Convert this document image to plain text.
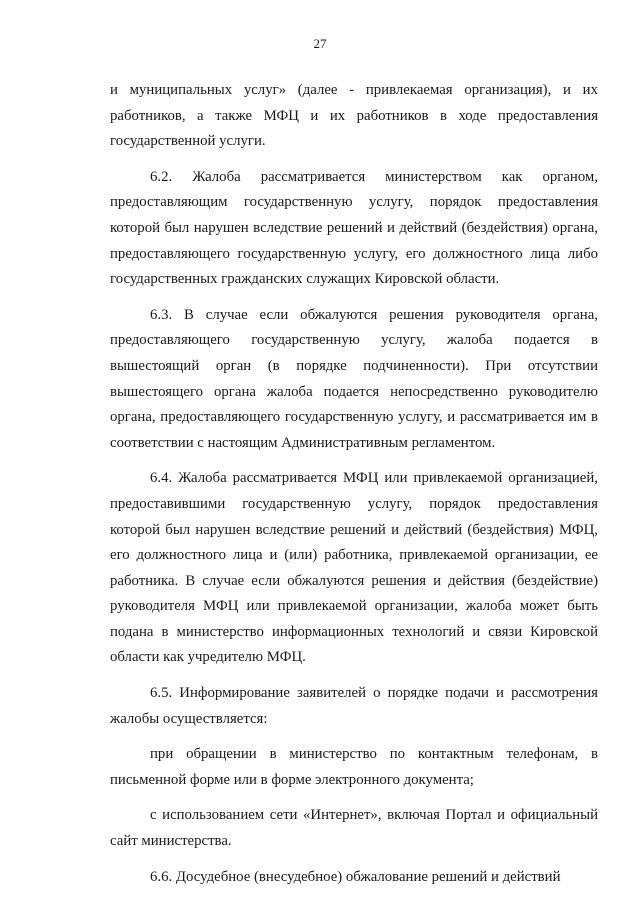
27

и муниципальных услуг» (далее - привлекаемая организация), и их работников, а также МФЦ и их работников в ходе предоставления государственной услуги.

6.2. Жалоба рассматривается министерством как органом, предоставляющим государственную услугу, порядок предоставления которой был нарушен вследствие решений и действий (бездействия) органа, предоставляющего государственную услугу, его должностного лица либо государственных гражданских служащих Кировской области.

6.3. В случае если обжалуются решения руководителя органа, предоставляющего государственную услугу, жалоба подается в вышестоящий орган (в порядке подчиненности). При отсутствии вышестоящего органа жалоба подается непосредственно руководителю органа, предоставляющего государственную услугу, и рассматривается им в соответствии с настоящим Административным регламентом.

6.4. Жалоба рассматривается МФЦ или привлекаемой организацией, предоставившими государственную услугу, порядок предоставления которой был нарушен вследствие решений и действий (бездействия) МФЦ, его должностного лица и (или) работника, привлекаемой организации, ее работника. В случае если обжалуются решения и действия (бездействие) руководителя МФЦ или привлекаемой организации, жалоба может быть подана в министерство информационных технологий и связи Кировской области как учредителю МФЦ.

6.5. Информирование заявителей о порядке подачи и рассмотрения жалобы осуществляется:

при обращении в министерство по контактным телефонам, в письменной форме или в форме электронного документа;

с использованием сети «Интернет», включая Портал и официальный сайт министерства.

6.6. Досудебное (внесудебное) обжалование решений и действий
